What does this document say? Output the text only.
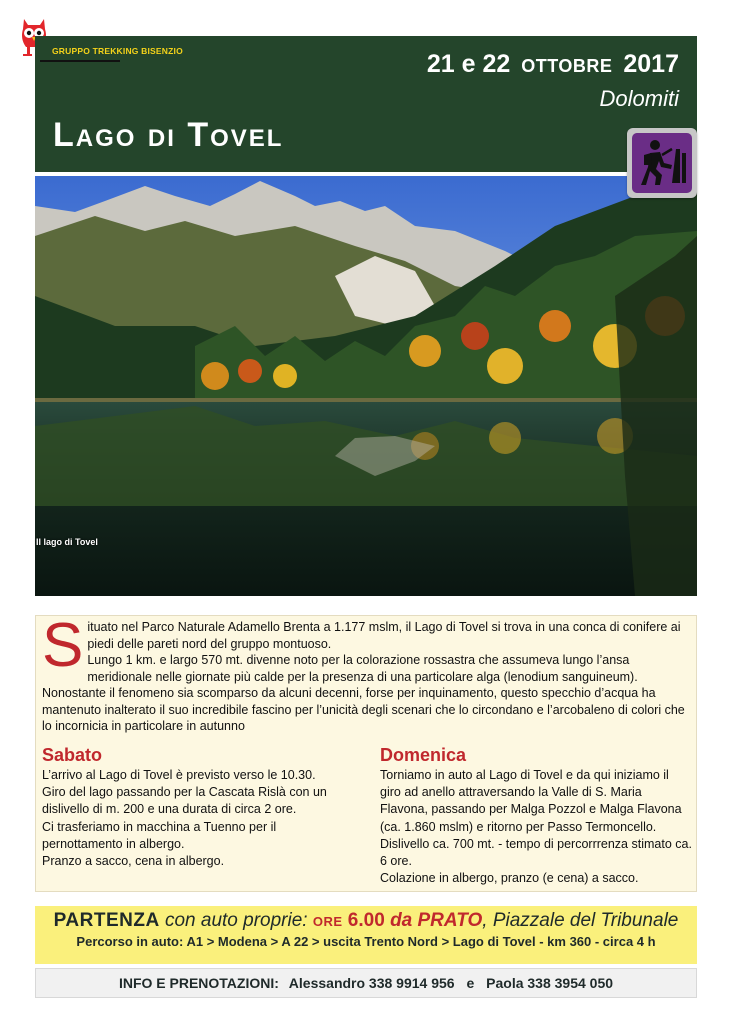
GRUPPO TREKKING BISENZIO	21 e 22 OTTOBRE 2017
Dolomiti
Lago di Tovel
Il lago di Tovel
S ituato nel Parco Naturale Adamello Brenta a 1.177 mslm, il Lago di Tovel si trova in una conca di conifere ai piedi delle pareti nord del gruppo montuoso.

Lungo 1 km. e largo 570 mt. divenne noto per la colorazione rossastra che assumeva lungo l’ansa meridionale nelle giornate più calde per la presenza di una particolare alga (lenodium sanguineum).

Nonostante il fenomeno sia scomparso da alcuni decenni, forse per inquinamento, questo specchio d’acqua ha mantenuto inalterato il suo incredibile fascino per l’unicità degli scenari che lo circondano e l’arcobaleno di colori che lo incornicia in particolare in autunno

Sabato

L’arrivo al Lago di Tovel è previsto verso le 10.30.

Giro del lago passando per la Cascata Rislà con un dislivello di m. 200 e una durata di circa 2 ore.

Ci trasferiamo in macchina a Tuenno per il pernottamento in albergo.

Pranzo a sacco, cena in albergo.

Domenica

Torniamo in auto al Lago di Tovel e da qui iniziamo il giro ad anello attraversando la Valle di S. Maria Flavona, passando per Malga Pozzol e Malga Flavona (ca. 1.860 mslm) e ritorno per Passo Termoncello.

Dislivello ca. 700 mt. - tempo di percorrrenza stimato ca. 6 ore.

Colazione in albergo, pranzo (e cena) a sacco.

PARTENZA con auto proprie: ORE 6.00 da PRATO, Piazzale del Tribunale
Percorso in auto: A1 > Modena > A 22 > uscita Trento Nord > Lago di Tovel - km 360 - circa 4 h
INFO E PRENOTAZIONI: Alessandro 338 9914 956 e Paola 338 3954 050
